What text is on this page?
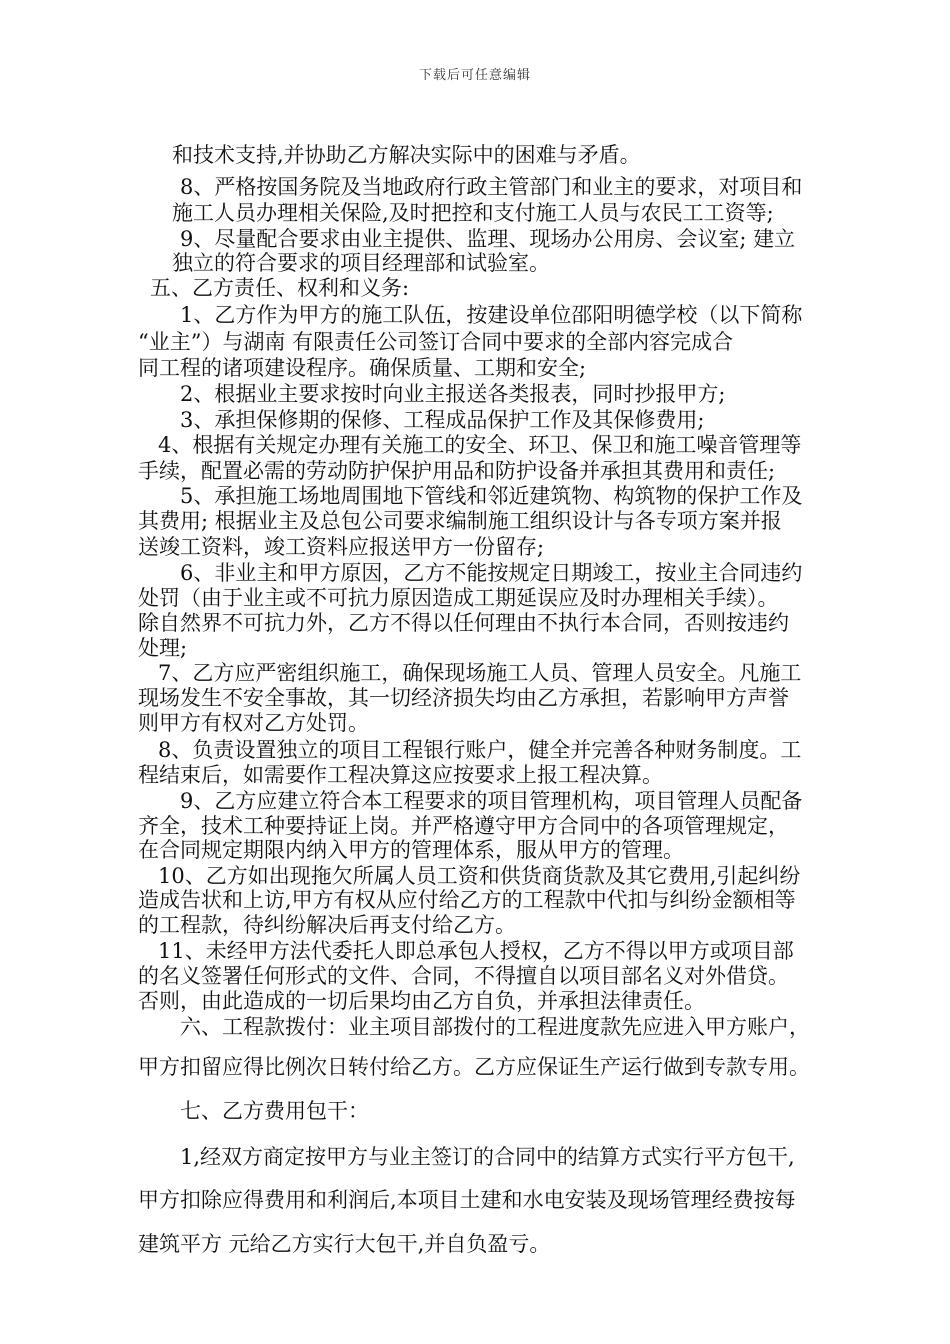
下载后可任意编辑
和技术支持,并协助乙方解决实际中的困难与矛盾。
8、严格按国务院及当地政府行政主管部门和业主的要求，对项目和
施工人员办理相关保险,及时把控和支付施工人员与农民工工资等;
9、尽量配合要求由业主提供、监理、现场办公用房、会议室; 建立
独立的符合要求的项目经理部和试验室。
五、乙方责任、权利和义务:
1、乙方作为甲方的施工队伍，按建设单位邵阳明德学校（以下简称
“业主”）与湖南 有限责任公司签订合同中要求的全部内容完成合
同工程的诸项建设程序。确保质量、工期和安全;
2、根据业主要求按时向业主报送各类报表，同时抄报甲方;
3、承担保修期的保修、工程成品保护工作及其保修费用;
4、根据有关规定办理有关施工的安全、环卫、保卫和施工噪音管理等
手续，配置必需的劳动防护保护用品和防护设备并承担其费用和责任;
5、承担施工场地周围地下管线和邻近建筑物、构筑物的保护工作及
其费用; 根据业主及总包公司要求编制施工组织设计与各专项方案并报
送竣工资料，竣工资料应报送甲方一份留存;
6、非业主和甲方原因，乙方不能按规定日期竣工，按业主合同违约
处罚（由于业主或不可抗力原因造成工期延误应及时办理相关手续）。
除自然界不可抗力外，乙方不得以任何理由不执行本合同，否则按违约
处理;
7、乙方应严密组织施工，确保现场施工人员、管理人员安全。凡施工
现场发生不安全事故，其一切经济损失均由乙方承担，若影响甲方声誉
则甲方有权对乙方处罚。
8、负责设置独立的项目工程银行账户，健全并完善各种财务制度。工
程结束后，如需要作工程决算这应按要求上报工程决算。
9、乙方应建立符合本工程要求的项目管理机构，项目管理人员配备
齐全，技术工种要持证上岗。并严格遵守甲方合同中的各项管理规定，
在合同规定期限内纳入甲方的管理体系，服从甲方的管理。
10、乙方如出现拖欠所属人员工资和供货商货款及其它费用,引起纠纷
造成告状和上访,甲方有权从应付给乙方的工程款中代扣与纠纷金额相等
的工程款，待纠纷解决后再支付给乙方。
11、未经甲方法代委托人即总承包人授权，乙方不得以甲方或项目部
的名义签署任何形式的文件、合同，不得擅自以项目部名义对外借贷。
否则，由此造成的一切后果均由乙方自负，并承担法律责任。
六、工程款拨付：业主项目部拨付的工程进度款先应进入甲方账户，
甲方扣留应得比例次日转付给乙方。乙方应保证生产运行做到专款专用。
七、乙方费用包干：
1,经双方商定按甲方与业主签订的合同中的结算方式实行平方包干,
甲方扣除应得费用和利润后,本项目土建和水电安装及现场管理经费按每
建筑平方 元给乙方实行大包干,并自负盈亏。
